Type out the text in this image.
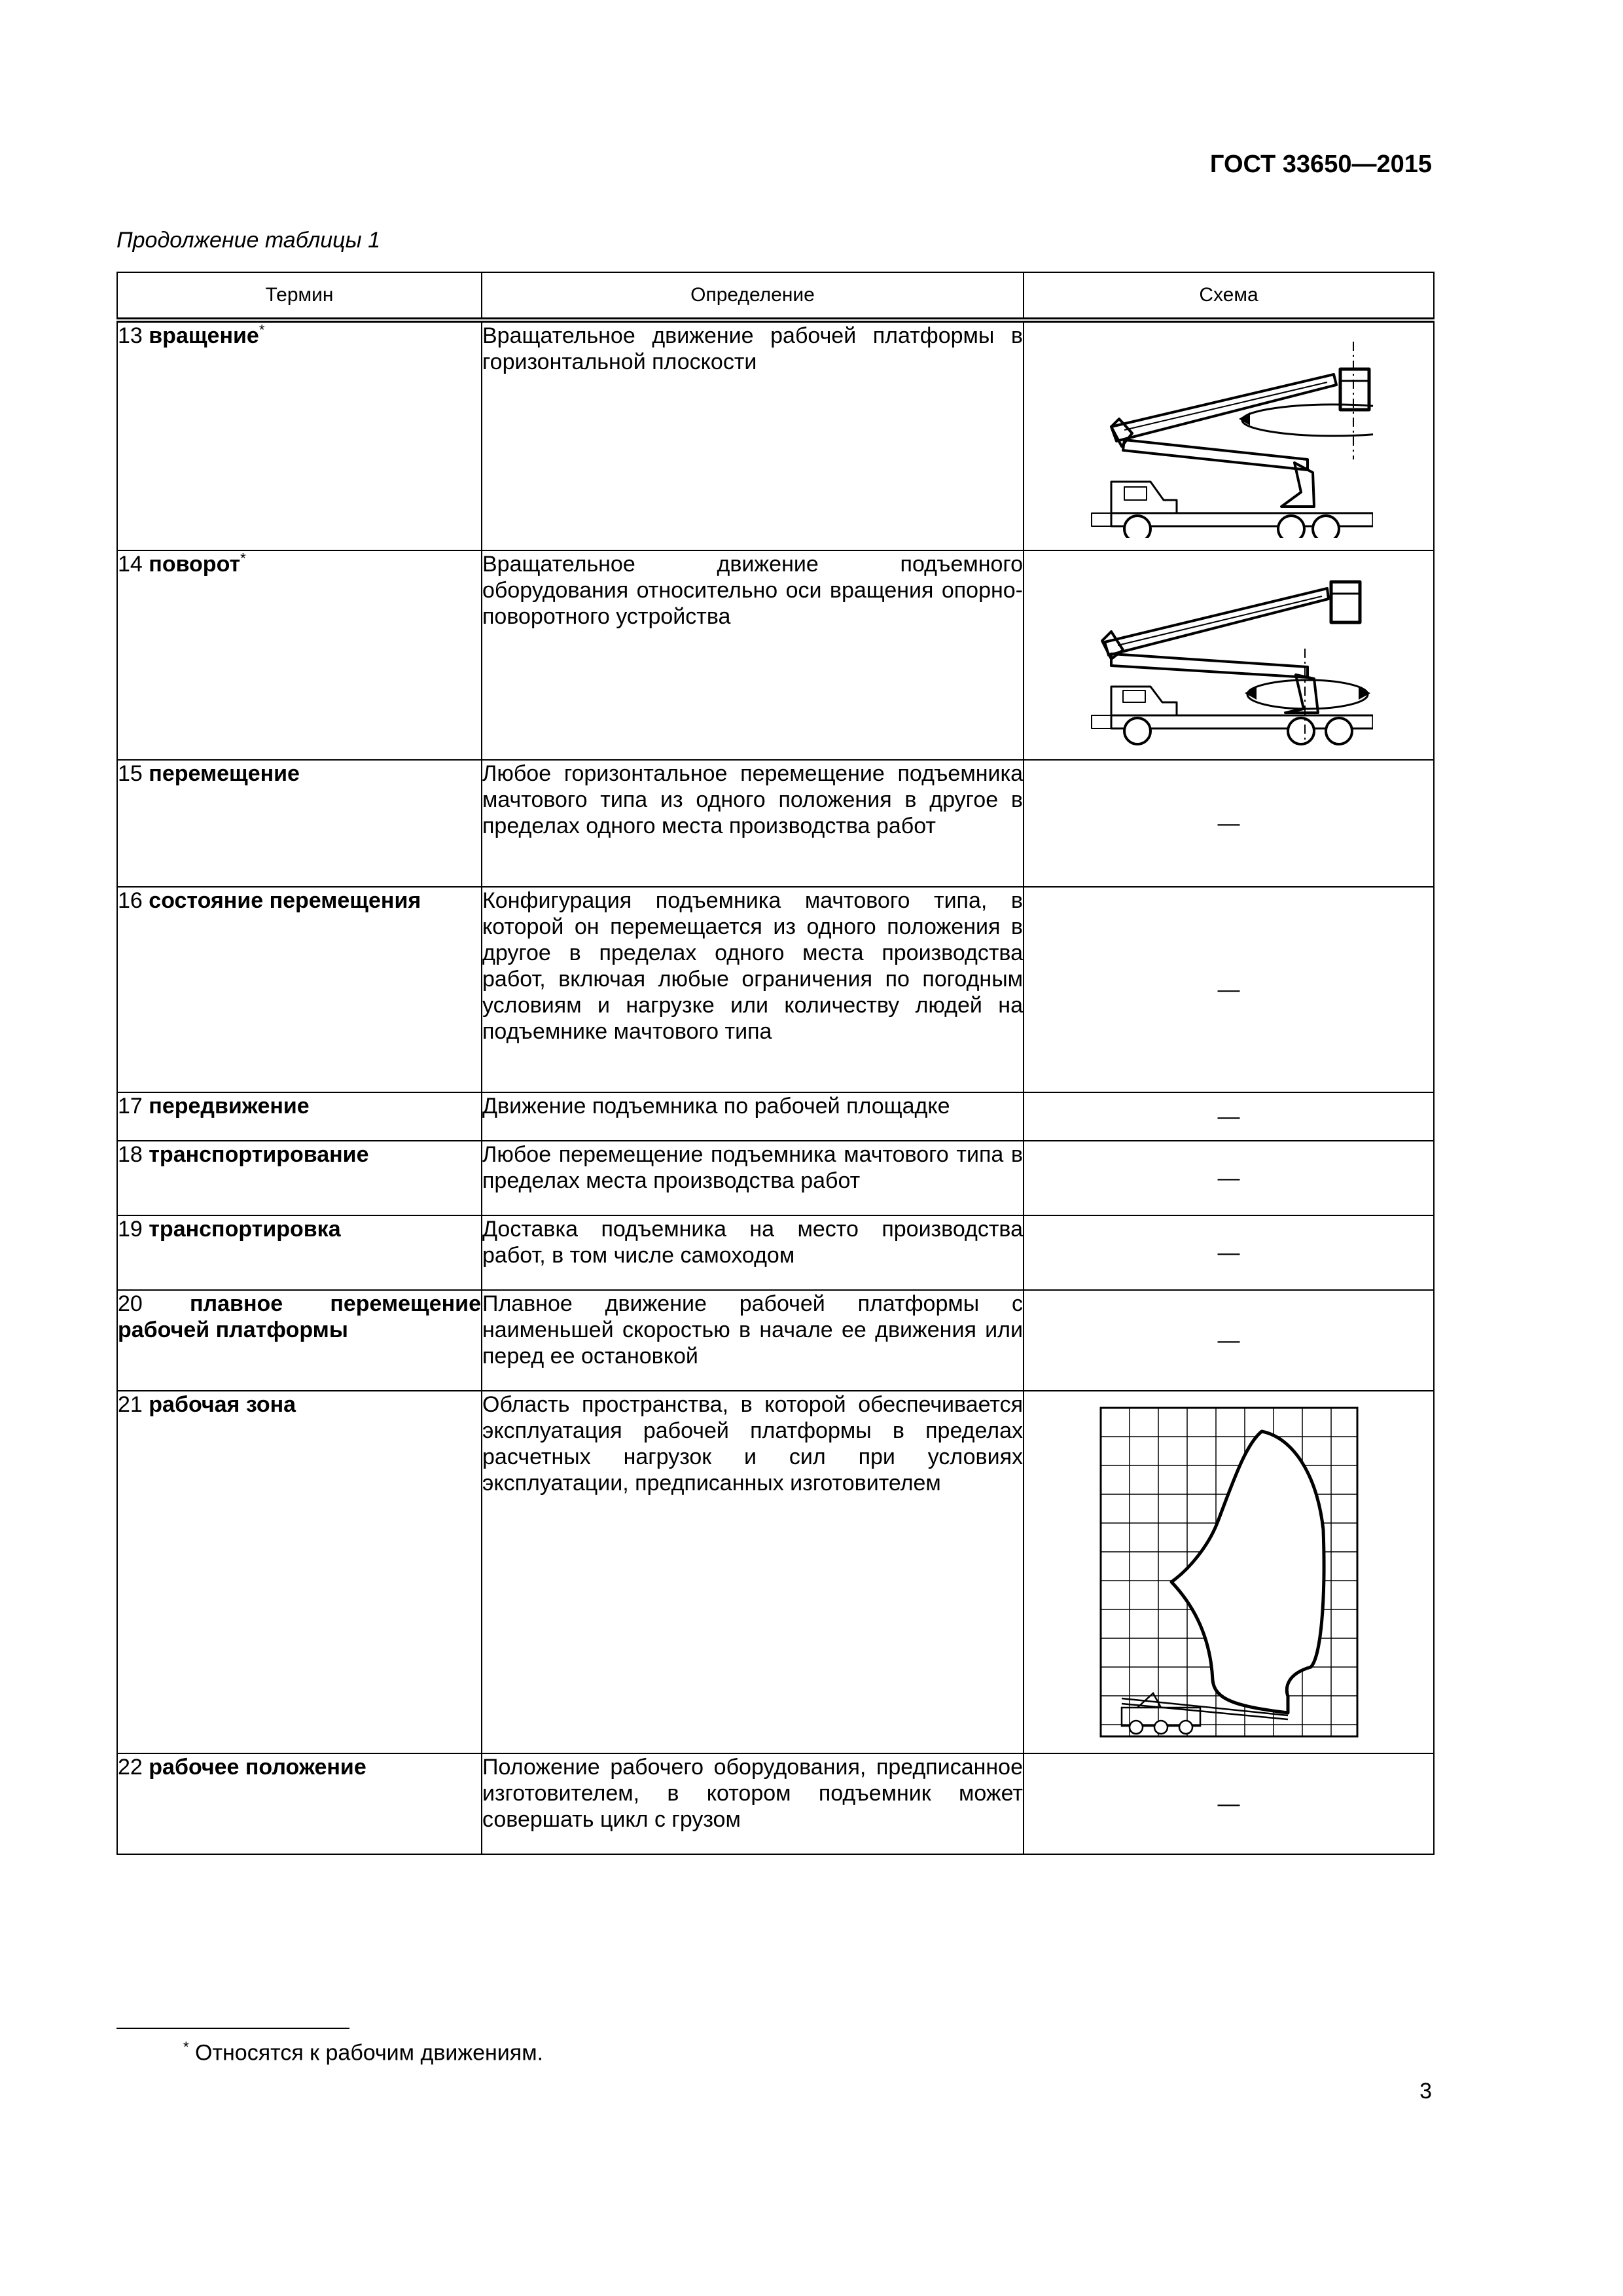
ГОСТ 33650—2015
Продолжение таблицы 1
Термин	Определение	Схема
13 вращение*	Вращательное движение рабочей платформы в горизонтальной плоскости	

14 поворот*	Вращательное движение подъемного оборудования относительно оси вращения опорно-поворотного устройства	

15 перемещение	Любое горизонтальное перемещение подъемника мачтового типа из одного положения в другое в пределах одного места производства работ	—
16 состояние перемещения	Конфигурация подъемника мачтового типа, в которой он перемещается из одного положения в другое в пределах одного места производства работ, включая любые ограничения по погодным условиям и нагрузке или количеству людей на подъемнике мачтового типа	—
17 передвижение	Движение подъемника по рабочей площадке	—
18 транспортирование	Любое перемещение подъемника мачтового типа в пределах места производства работ	—
19 транспортировка	Доставка подъемника на место производства работ, в том числе самоходом	—
20 плавное перемещение рабочей платформы	Плавное движение рабочей платформы с наименьшей скоростью в начале ее движения или перед ее остановкой	—
21 рабочая зона	Область пространства, в которой обеспечивается эксплуатация рабочей платформы в пределах расчетных нагрузок и сил при условиях эксплуатации, предписанных изготовителем	

22 рабочее положение	Положение рабочего оборудования, предписанное изготовителем, в котором подъемник может совершать цикл с грузом	—
* Относятся к рабочим движениям.
3
